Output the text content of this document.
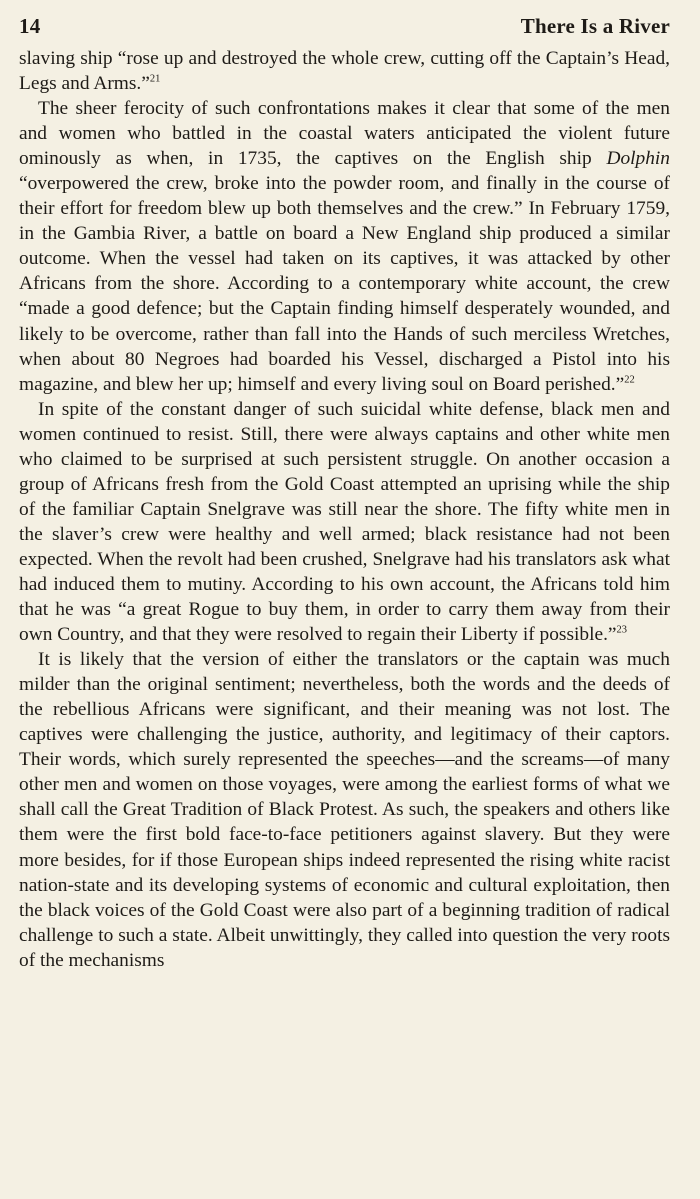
14	There Is a River

slaving ship “rose up and destroyed the whole crew, cutting off the Captain’s Head, Legs and Arms.”$^{21}$

The sheer ferocity of such confrontations makes it clear that some of the men and women who battled in the coastal waters anticipated the violent future ominously as when, in 1735, the captives on the English ship Dolphin “overpowered the crew, broke into the powder room, and finally in the course of their effort for freedom blew up both themselves and the crew.” In February 1759, in the Gambia River, a battle on board a New England ship produced a similar outcome. When the vessel had taken on its captives, it was attacked by other Africans from the shore. According to a contemporary white account, the crew “made a good defence; but the Captain finding himself desperately wounded, and likely to be overcome, rather than fall into the Hands of such merciless Wretches, when about 80 Negroes had boarded his Vessel, discharged a Pistol into his magazine, and blew her up; himself and every living soul on Board perished.”$^{22}$

In spite of the constant danger of such suicidal white defense, black men and women continued to resist. Still, there were always captains and other white men who claimed to be surprised at such persistent struggle. On another occasion a group of Africans fresh from the Gold Coast attempted an uprising while the ship of the familiar Captain Snelgrave was still near the shore. The fifty white men in the slaver’s crew were healthy and well armed; black resistance had not been expected. When the revolt had been crushed, Snelgrave had his translators ask what had induced them to mutiny. According to his own account, the Africans told him that he was “a great Rogue to buy them, in order to carry them away from their own Country, and that they were resolved to regain their Liberty if possible.”$^{23}$

It is likely that the version of either the translators or the captain was much milder than the original sentiment; nevertheless, both the words and the deeds of the rebellious Africans were significant, and their meaning was not lost. The captives were challenging the justice, authority, and legitimacy of their captors. Their words, which surely represented the speeches—and the screams—of many other men and women on those voyages, were among the earliest forms of what we shall call the Great Tradition of Black Protest. As such, the speakers and others like them were the first bold face-to-face petitioners against slavery. But they were more besides, for if those European ships indeed represented the rising white racist nation-state and its developing systems of economic and cultural exploitation, then the black voices of the Gold Coast were also part of a beginning tradition of radical challenge to such a state. Albeit unwittingly, they called into question the very roots of the mechanisms
